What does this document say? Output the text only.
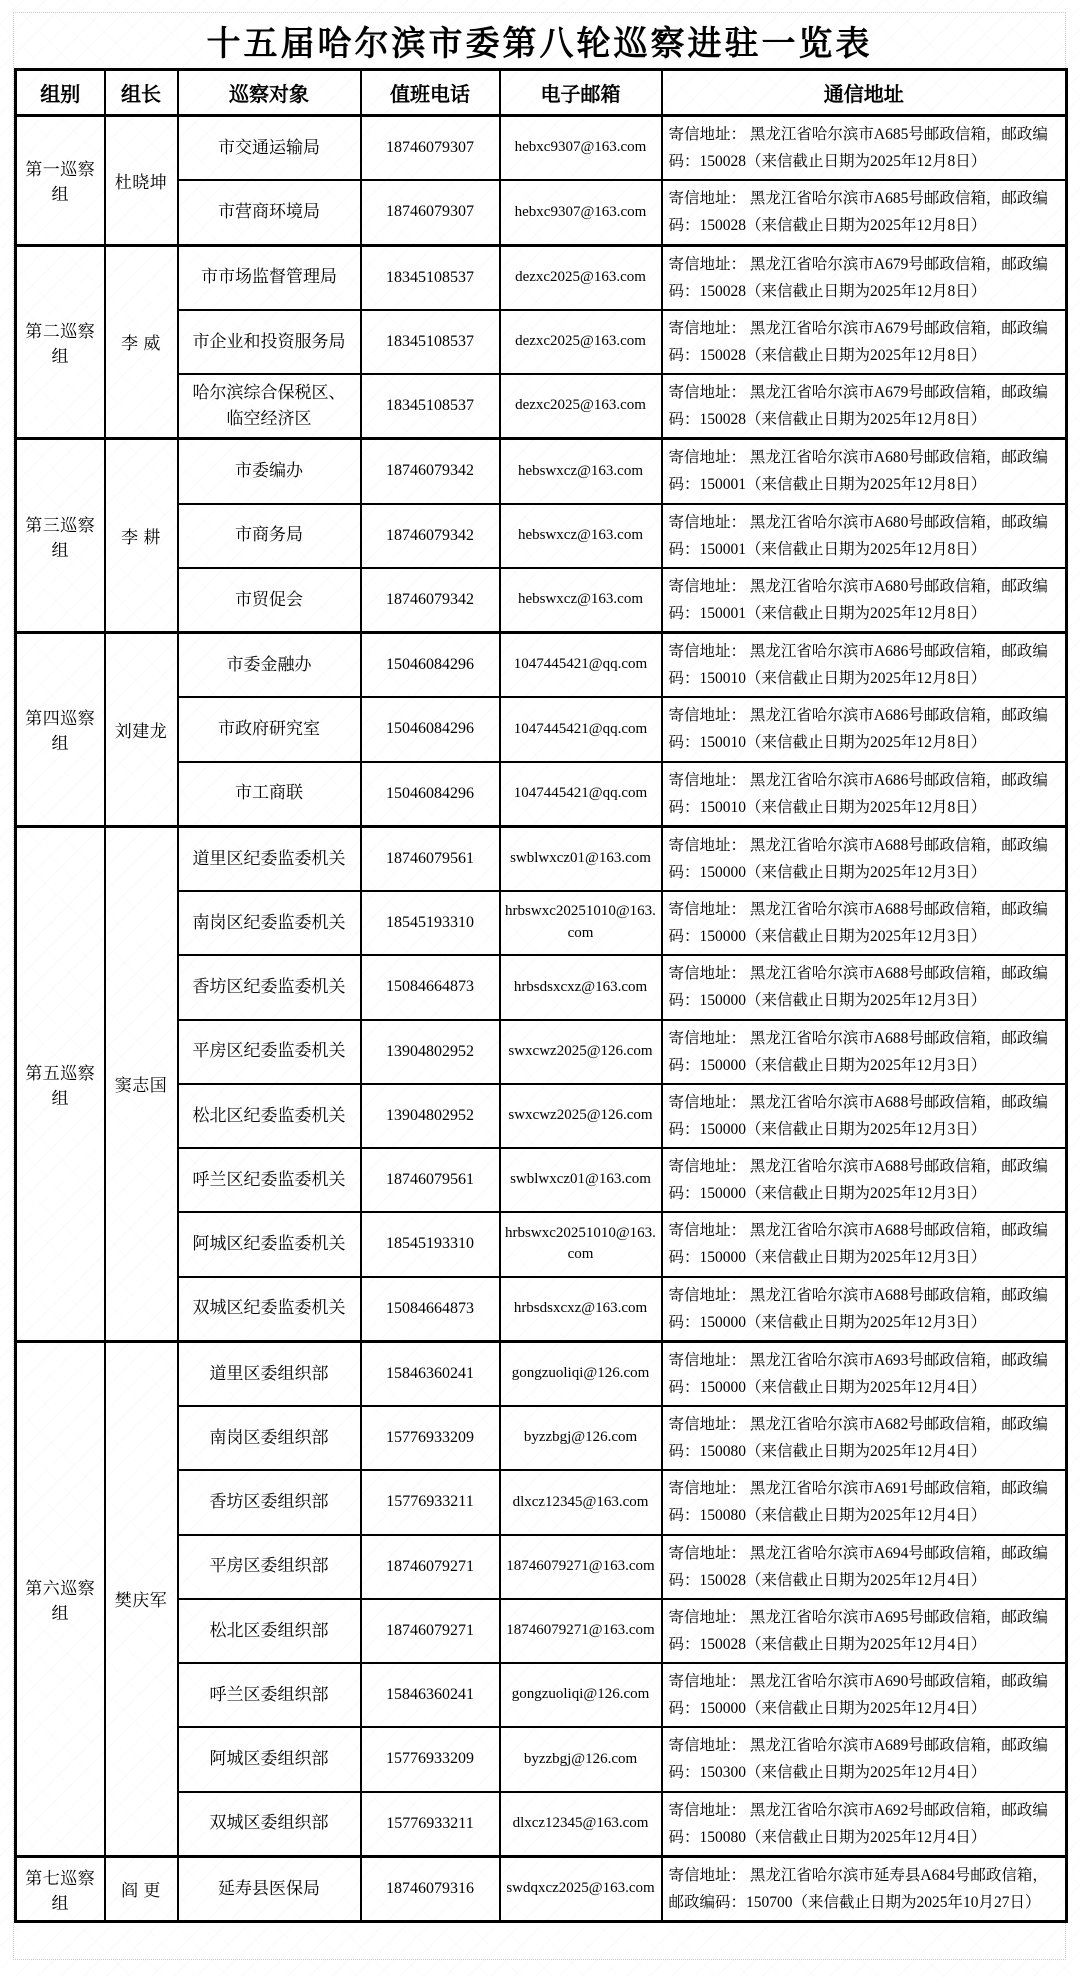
十五届哈尔滨市委第八轮巡察进驻一览表
组别	组长	巡察对象	值班电话	电子邮箱	通信地址
第一巡察组	杜晓坤	市交通运输局	18746079307	hebxc9307@163.com	寄信地址： 黑龙江省哈尔滨市A685号邮政信箱，邮政编码：150028（来信截止日期为2025年12月8日）
		市营商环境局	18746079307	hebxc9307@163.com	寄信地址： 黑龙江省哈尔滨市A685号邮政信箱，邮政编码：150028（来信截止日期为2025年12月8日）
第二巡察组	李 威	市市场监督管理局	18345108537	dezxc2025@163.com	寄信地址： 黑龙江省哈尔滨市A679号邮政信箱，邮政编码：150028（来信截止日期为2025年12月8日）
		市企业和投资服务局	18345108537	dezxc2025@163.com	寄信地址： 黑龙江省哈尔滨市A679号邮政信箱，邮政编码：150028（来信截止日期为2025年12月8日）
		哈尔滨综合保税区、临空经济区	18345108537	dezxc2025@163.com	寄信地址： 黑龙江省哈尔滨市A679号邮政信箱，邮政编码：150028（来信截止日期为2025年12月8日）
第三巡察组	李 耕	市委编办	18746079342	hebswxcz@163.com	寄信地址： 黑龙江省哈尔滨市A680号邮政信箱，邮政编码：150001（来信截止日期为2025年12月8日）
		市商务局	18746079342	hebswxcz@163.com	寄信地址： 黑龙江省哈尔滨市A680号邮政信箱，邮政编码：150001（来信截止日期为2025年12月8日）
		市贸促会	18746079342	hebswxcz@163.com	寄信地址： 黑龙江省哈尔滨市A680号邮政信箱，邮政编码：150001（来信截止日期为2025年12月8日）
第四巡察组	刘建龙	市委金融办	15046084296	1047445421@qq.com	寄信地址： 黑龙江省哈尔滨市A686号邮政信箱，邮政编码：150010（来信截止日期为2025年12月8日）
		市政府研究室	15046084296	1047445421@qq.com	寄信地址： 黑龙江省哈尔滨市A686号邮政信箱，邮政编码：150010（来信截止日期为2025年12月8日）
		市工商联	15046084296	1047445421@qq.com	寄信地址： 黑龙江省哈尔滨市A686号邮政信箱，邮政编码：150010（来信截止日期为2025年12月8日）
第五巡察组	窦志国	道里区纪委监委机关	18746079561	swblwxcz01@163.com	寄信地址： 黑龙江省哈尔滨市A688号邮政信箱，邮政编码：150000（来信截止日期为2025年12月3日）
		南岗区纪委监委机关	18545193310	hrbswxc20251010@163.com	寄信地址： 黑龙江省哈尔滨市A688号邮政信箱，邮政编码：150000（来信截止日期为2025年12月3日）
		香坊区纪委监委机关	15084664873	hrbsdsxcxz@163.com	寄信地址： 黑龙江省哈尔滨市A688号邮政信箱，邮政编码：150000（来信截止日期为2025年12月3日）
		平房区纪委监委机关	13904802952	swxcwz2025@126.com	寄信地址： 黑龙江省哈尔滨市A688号邮政信箱，邮政编码：150000（来信截止日期为2025年12月3日）
		松北区纪委监委机关	13904802952	swxcwz2025@126.com	寄信地址： 黑龙江省哈尔滨市A688号邮政信箱，邮政编码：150000（来信截止日期为2025年12月3日）
		呼兰区纪委监委机关	18746079561	swblwxcz01@163.com	寄信地址： 黑龙江省哈尔滨市A688号邮政信箱，邮政编码：150000（来信截止日期为2025年12月3日）
		阿城区纪委监委机关	18545193310	hrbswxc20251010@163.com	寄信地址： 黑龙江省哈尔滨市A688号邮政信箱，邮政编码：150000（来信截止日期为2025年12月3日）
		双城区纪委监委机关	15084664873	hrbsdsxcxz@163.com	寄信地址： 黑龙江省哈尔滨市A688号邮政信箱，邮政编码：150000（来信截止日期为2025年12月3日）
第六巡察组	樊庆军	道里区委组织部	15846360241	gongzuoliqi@126.com	寄信地址： 黑龙江省哈尔滨市A693号邮政信箱，邮政编码：150000（来信截止日期为2025年12月4日）
		南岗区委组织部	15776933209	byzzbgj@126.com	寄信地址： 黑龙江省哈尔滨市A682号邮政信箱，邮政编码：150080（来信截止日期为2025年12月4日）
		香坊区委组织部	15776933211	dlxcz12345@163.com	寄信地址： 黑龙江省哈尔滨市A691号邮政信箱，邮政编码：150080（来信截止日期为2025年12月4日）
		平房区委组织部	18746079271	18746079271@163.com	寄信地址： 黑龙江省哈尔滨市A694号邮政信箱，邮政编码：150028（来信截止日期为2025年12月4日）
		松北区委组织部	18746079271	18746079271@163.com	寄信地址： 黑龙江省哈尔滨市A695号邮政信箱，邮政编码：150028（来信截止日期为2025年12月4日）
		呼兰区委组织部	15846360241	gongzuoliqi@126.com	寄信地址： 黑龙江省哈尔滨市A690号邮政信箱，邮政编码：150000（来信截止日期为2025年12月4日）
		阿城区委组织部	15776933209	byzzbgj@126.com	寄信地址： 黑龙江省哈尔滨市A689号邮政信箱，邮政编码：150300（来信截止日期为2025年12月4日）
		双城区委组织部	15776933211	dlxcz12345@163.com	寄信地址： 黑龙江省哈尔滨市A692号邮政信箱，邮政编码：150080（来信截止日期为2025年12月4日）
第七巡察组	阎 更	延寿县医保局	18746079316	swdqxcz2025@163.com	寄信地址： 黑龙江省哈尔滨市延寿县A684号邮政信箱，邮政编码：150700（来信截止日期为2025年10月27日）
